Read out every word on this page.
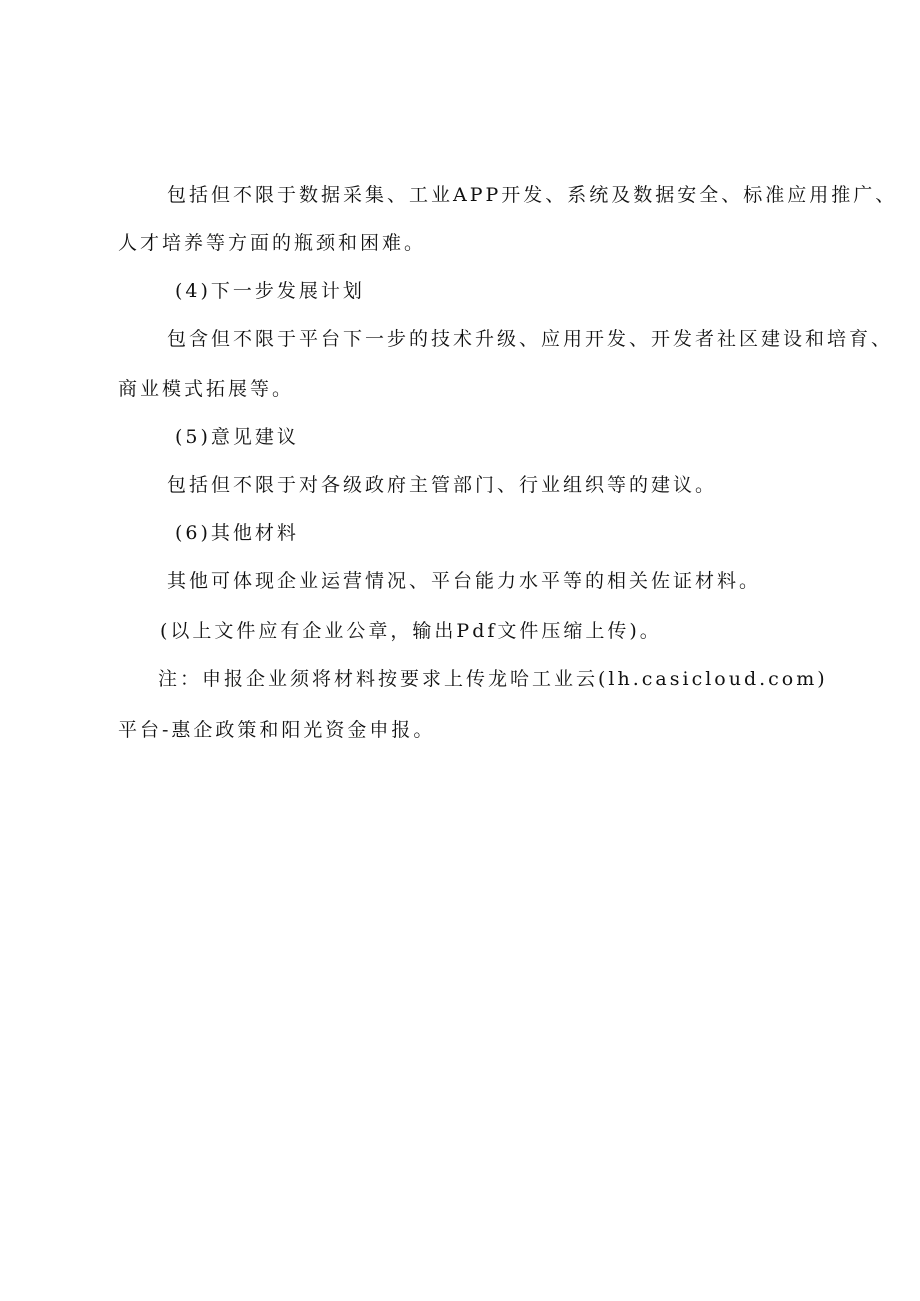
包括但不限于数据采集、工业APP开发、系统及数据安全、标准应用推广、
人才培养等方面的瓶颈和困难。
(4)下一步发展计划
包含但不限于平台下一步的技术升级、应用开发、开发者社区建设和培育、
商业模式拓展等。
(5)意见建议
包括但不限于对各级政府主管部门、行业组织等的建议。
(6)其他材料
其他可体现企业运营情况、平台能力水平等的相关佐证材料。
(以上文件应有企业公章，输出Pdf文件压缩上传)。
注：申报企业须将材料按要求上传龙哈工业云(lh.casicloud.com)
平台-惠企政策和阳光资金申报。
